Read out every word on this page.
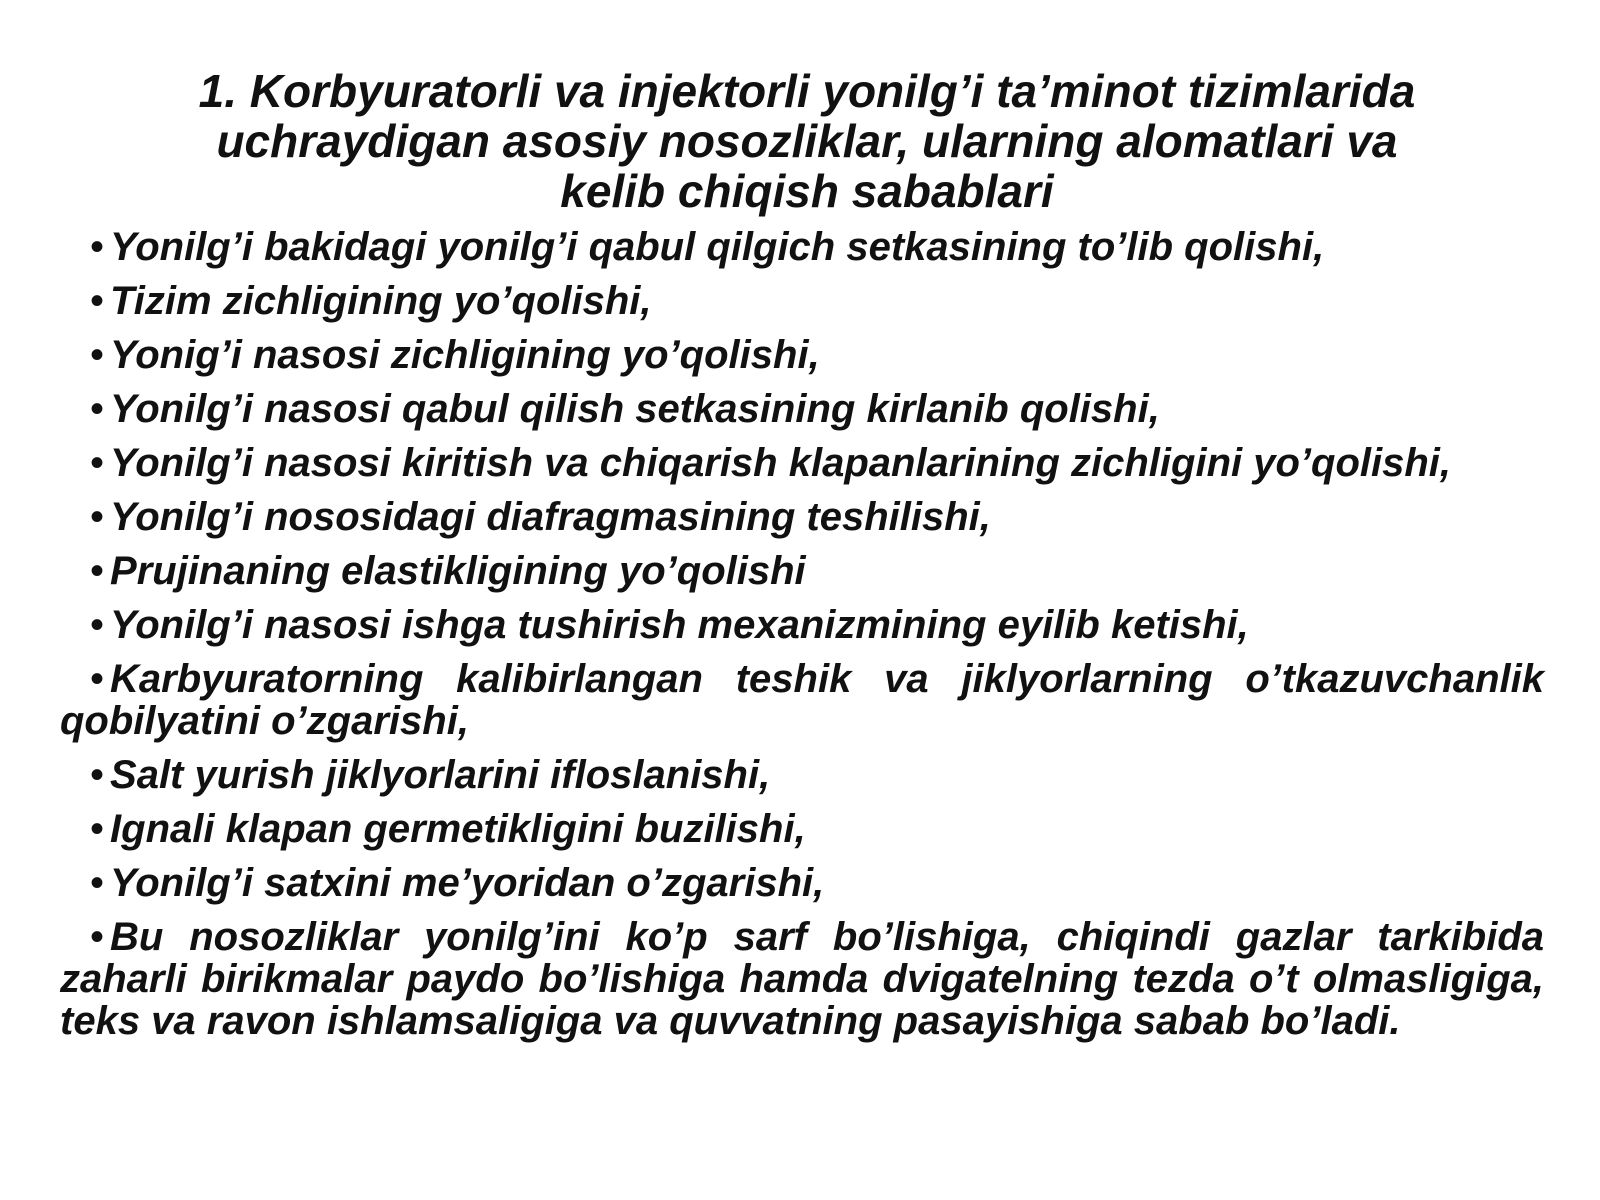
1. Korbyuratorli va injektorli yonilg’i ta’minot tizimlarida
uchraydigan asosiy nosozliklar, ularning alomatlari va
kelib chiqish sabablari
• Yonilg’i bakidagi yonilg’i qabul qilgich setkasining to’lib qolishi,
• Tizim zichligining yo’qolishi,
• Yonig’i nasosi zichligining yo’qolishi,
• Yonilg’i nasosi qabul qilish setkasining kirlanib qolishi,
• Yonilg’i nasosi kiritish va chiqarish klapanlarining zichligini yo’qolishi,
• Yonilg’i nososidagi diafragmasining teshilishi,
• Prujinaning elastikligining yo’qolishi
• Yonilg’i nasosi ishga tushirish mexanizmining eyilib ketishi,
• Karbyuratorning kalibirlangan teshik va jiklyorlarning o’tkazuvchanlik qobilyatini o’zgarishi,
• Salt yurish jiklyorlarini ifloslanishi,
• Ignali klapan germetikligini buzilishi,
• Yonilg’i satxini me’yoridan o’zgarishi,
• Bu nosozliklar yonilg’ini ko’p sarf bo’lishiga, chiqindi gazlar tarkibida zaharli birikmalar paydo bo’lishiga hamda dvigatelning tezda o’t olmasligiga, teks va ravon ishlamsaligiga va quvvatning pasayishiga sabab bo’ladi.
